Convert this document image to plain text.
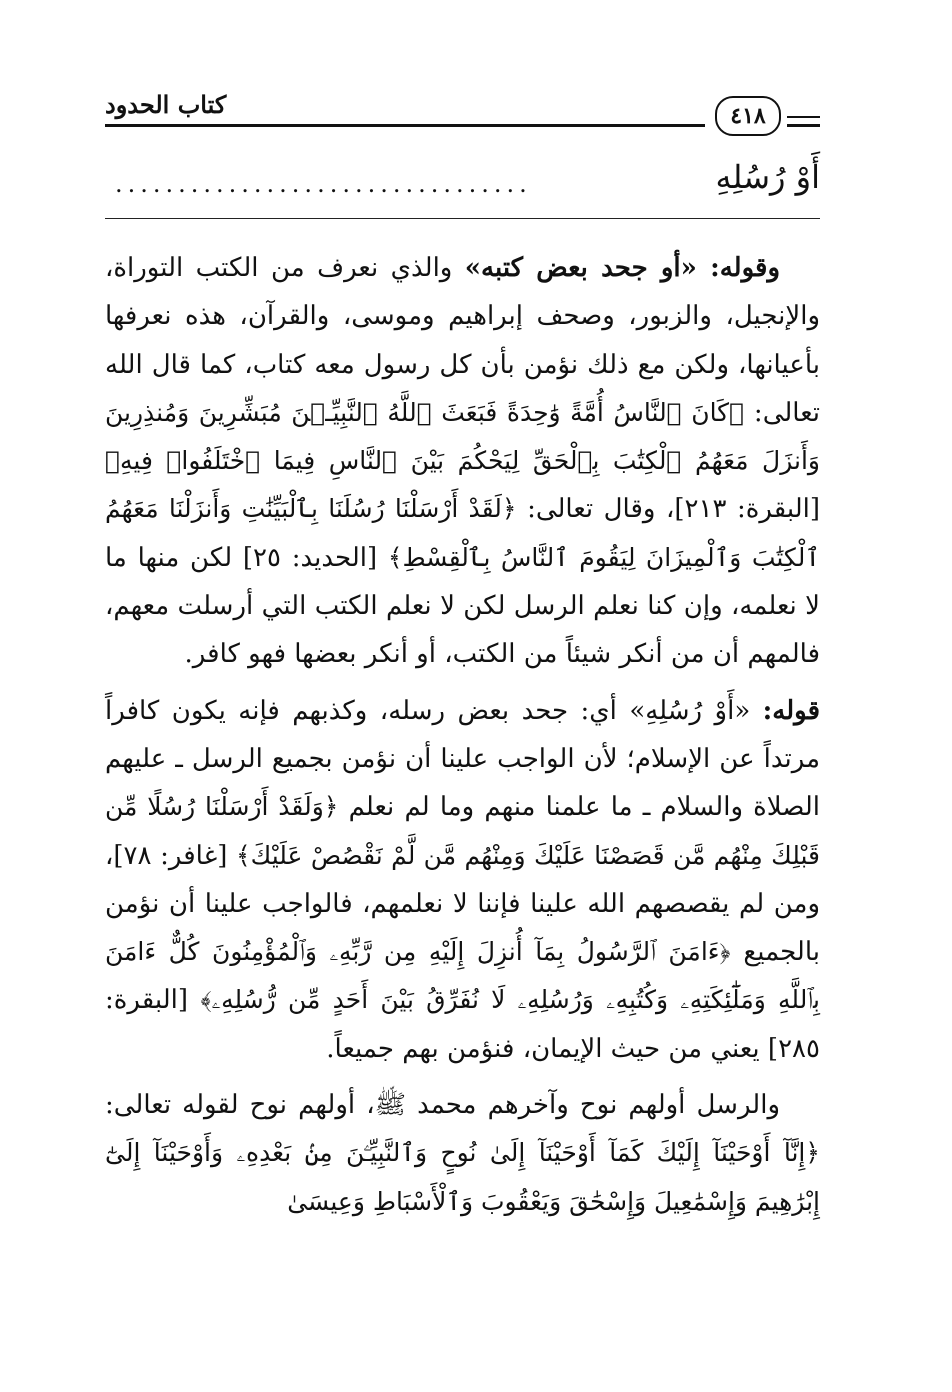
كتاب الحدود	٤١٨
أَوْ رُسُلِهِ
.................................

وقوله: «أو جحد بعض كتبه» والذي نعرف من الكتب التوراة، والإنجيل، والزبور، وصحف إبراهيم وموسى، والقرآن، هذه نعرفها بأعيانها، ولكن مع ذلك نؤمن بأن كل رسول معه كتاب، كما قال الله تعالى: ﴿كَانَ ٱلنَّاسُ أُمَّةً وَٰحِدَةً فَبَعَثَ ٱللَّهُ ٱلنَّبِيِّـۧنَ مُبَشِّرِينَ وَمُنذِرِينَ وَأَنزَلَ مَعَهُمُ ٱلْكِتَٰبَ بِٱلْحَقِّ لِيَحْكُمَ بَيْنَ ٱلنَّاسِ فِيمَا ٱخْتَلَفُوا۟ فِيهِ﴾ [البقرة: ٢١٣]، وقال تعالى: ﴿لَقَدْ أَرْسَلْنَا رُسُلَنَا بِٱلْبَيِّنَٰتِ وَأَنزَلْنَا مَعَهُمُ ٱلْكِتَٰبَ وَٱلْمِيزَانَ لِيَقُومَ ٱلنَّاسُ بِٱلْقِسْطِ﴾ [الحديد: ٢٥] لكن منها ما لا نعلمه، وإن كنا نعلم الرسل لكن لا نعلم الكتب التي أرسلت معهم، فالمهم أن من أنكر شيئاً من الكتب، أو أنكر بعضها فهو كافر.

قوله: «أَوْ رُسُلِهِ» أي: جحد بعض رسله، وكذبهم فإنه يكون كافراً مرتداً عن الإسلام؛ لأن الواجب علينا أن نؤمن بجميع الرسل ـ عليهم الصلاة والسلام ـ ما علمنا منهم وما لم نعلم ﴿وَلَقَدْ أَرْسَلْنَا رُسُلًا مِّن قَبْلِكَ مِنْهُم مَّن قَصَصْنَا عَلَيْكَ وَمِنْهُم مَّن لَّمْ نَقْصُصْ عَلَيْكَ﴾ [غافر: ٧٨]، ومن لم يقصصهم الله علينا فإننا لا نعلمهم، فالواجب علينا أن نؤمن بالجميع ﴿ءَامَنَ ٱلرَّسُولُ بِمَآ أُنزِلَ إِلَيْهِ مِن رَّبِّهِۦ وَٱلْمُؤْمِنُونَ كُلٌّ ءَامَنَ بِٱللَّهِ وَمَلَٰٓئِكَتِهِۦ وَكُتُبِهِۦ وَرُسُلِهِۦ لَا نُفَرِّقُ بَيْنَ أَحَدٍ مِّن رُّسُلِهِۦ﴾ [البقرة: ٢٨٥] يعني من حيث الإيمان، فنؤمن بهم جميعاً.

والرسل أولهم نوح وآخرهم محمد ﷺ، أولهم نوح لقوله تعالى: ﴿إِنَّآ أَوْحَيْنَآ إِلَيْكَ كَمَآ أَوْحَيْنَآ إِلَىٰ نُوحٍ وَٱلنَّبِيِّـۧنَ مِنۢ بَعْدِهِۦ وَأَوْحَيْنَآ إِلَىٰٓ إِبْرَٰهِيمَ وَإِسْمَٰعِيلَ وَإِسْحَٰقَ وَيَعْقُوبَ وَٱلْأَسْبَاطِ وَعِيسَىٰ
